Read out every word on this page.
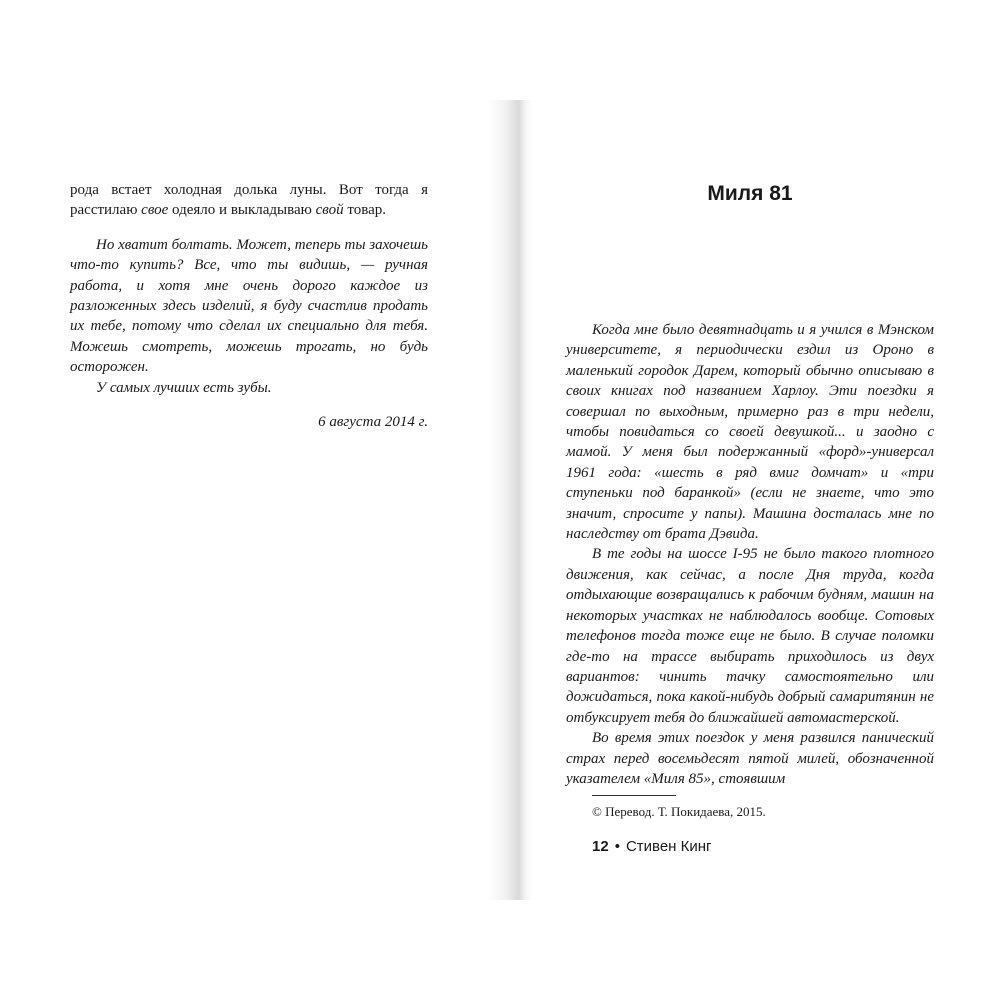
рода встает холодная долька луны. Вот тогда я расстилаю свое одеяло и выкладываю свой товар.

Но хватит болтать. Может, теперь ты захочешь что-то купить? Все, что ты видишь, — ручная работа, и хотя мне очень дорого каждое из разложенных здесь изделий, я буду счастлив продать их тебе, потому что сделал их специально для тебя. Можешь смотреть, можешь трогать, но будь осторожен.

У самых лучших есть зубы.

6 августа 2014 г.

Миля 81

Когда мне было девятнадцать и я учился в Мэнском университете, я периодически ездил из Ороно в маленький городок Дарем, который обычно описываю в своих книгах под названием Харлоу. Эти поездки я совершал по выходным, примерно раз в три недели, чтобы повидаться со своей девушкой... и заодно с мамой. У меня был подержанный «форд»-универсал 1961 года: «шесть в ряд вмиг домчат» и «три ступеньки под баранкой» (если не знаете, что это значит, спросите у папы). Машина досталась мне по наследству от брата Дэвида.

В те годы на шоссе I-95 не было такого плотного движения, как сейчас, а после Дня труда, когда отдыхающие возвращались к рабочим будням, машин на некоторых участках не наблюдалось вообще. Сотовых телефонов тогда тоже еще не было. В случае поломки где-то на трассе выбирать приходилось из двух вариантов: чинить тачку самостоятельно или дожидаться, пока какой-нибудь добрый самаритянин не отбуксирует тебя до ближайшей автомастерской.

Во время этих поездок у меня развился панический страх перед восемьдесят пятой милей, обозначенной указателем «Миля 85», стоявшим

© Перевод. Т. Покидаева, 2015.

12 • Стивен Кинг
